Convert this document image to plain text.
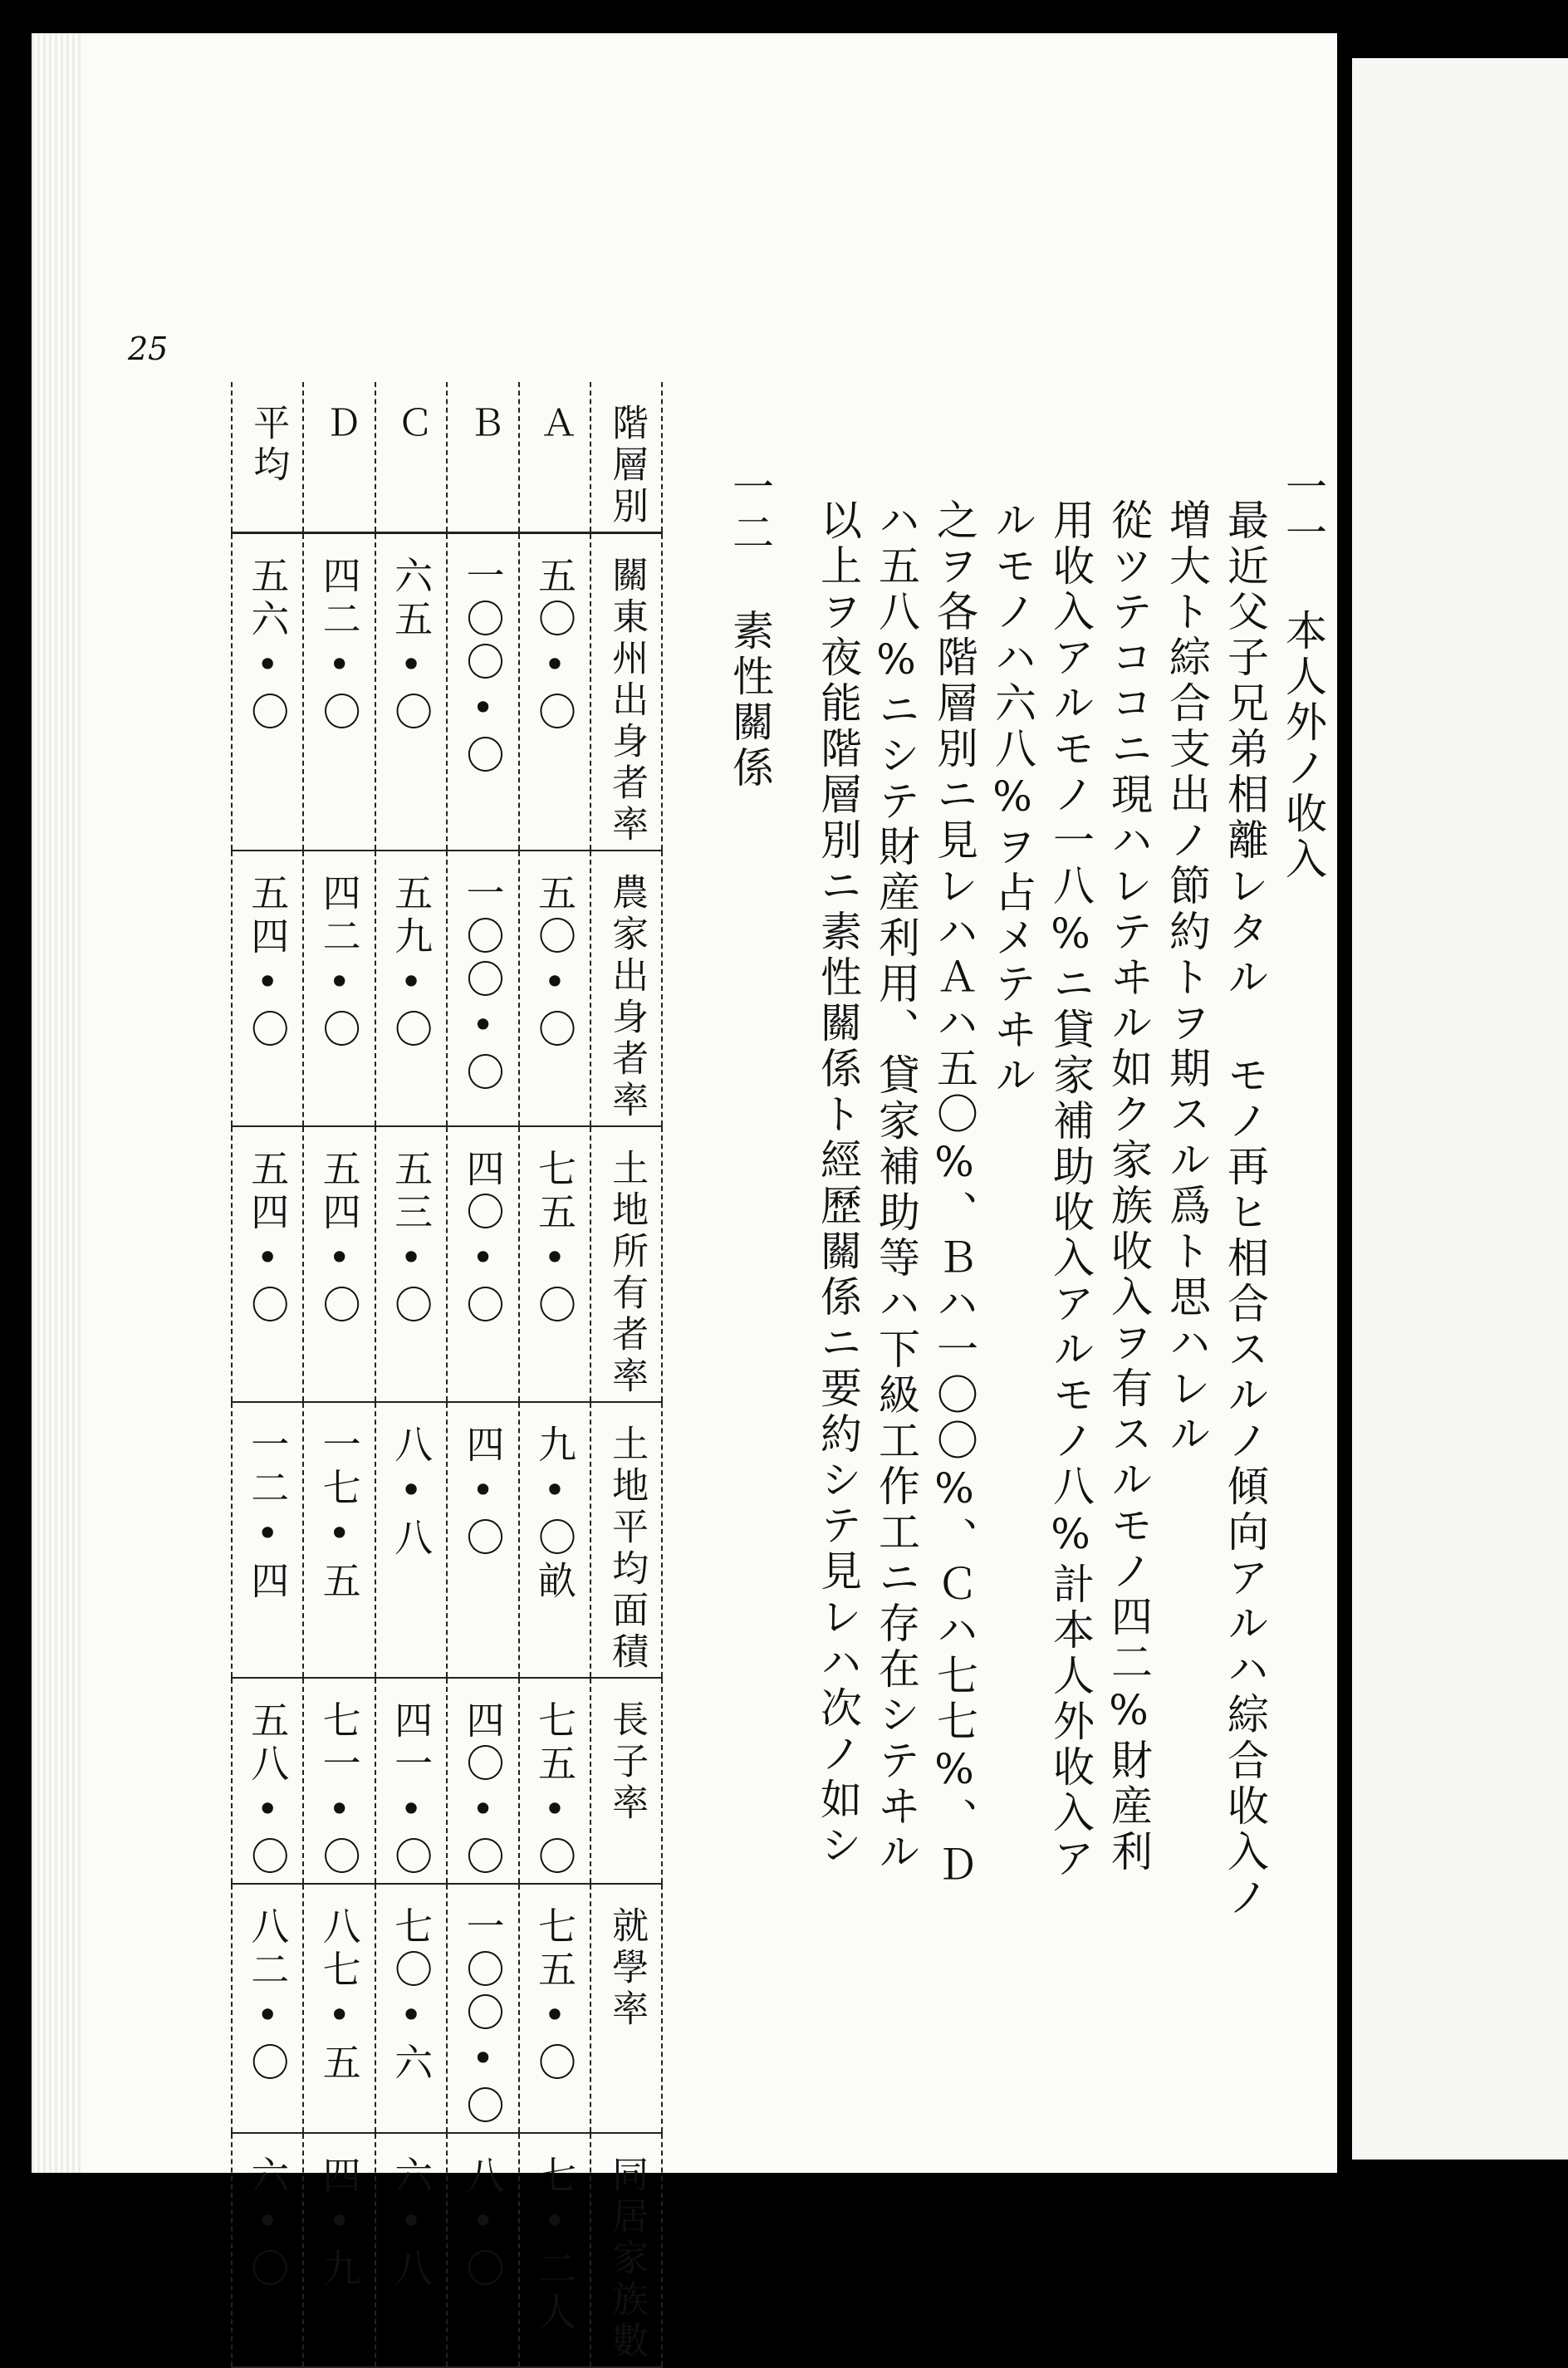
25
一一 本人外ノ收入
最近父子兄弟相離レタル モノ再ヒ相合スルノ傾向アルハ綜合收入ノ
増大ト綜合支出ノ節約トヲ期スル爲ト思ハレル
從ツテココニ現ハレテヰル如ク家族收入ヲ有スルモノ四二%財産利
用收入アルモノ一八%ニ貸家補助收入アルモノ八%計本人外收入ア
ルモノハ六八%ヲ占メテヰル
之ヲ各階層別ニ見レハＡハ五〇%、Ｂハ一〇〇%、Ｃハ七七%、Ｄ
ハ五八%ニシテ財産利用、貸家補助等ハ下級工作工ニ存在シテヰル
以上ヲ夜能階層別ニ素性關係ト經歷關係ニ要約シテ見レハ次ノ如シ
一二 素性關係
平均	Ｄ	Ｃ	Ｂ	Ａ	階層別
五六•〇	四二•〇	六五•〇	一〇〇•〇	五〇•〇	關東州出身者率
五四•〇	四二•〇	五九•〇	一〇〇•〇	五〇•〇	農家出身者率
五四•〇	五四•〇	五三•〇	四〇•〇	七五•〇	土地所有者率
一二•四	一七•五	八•八	四•〇	九•〇畝	土地平均面積
五八•〇	七一•〇	四一•〇	四〇•〇	七五•〇	長子率
八二•〇	八七•五	七〇•六	一〇〇•〇	七五•〇	就學率
六•〇	四•九	六•八	八•〇	七•二人	同居家族數
